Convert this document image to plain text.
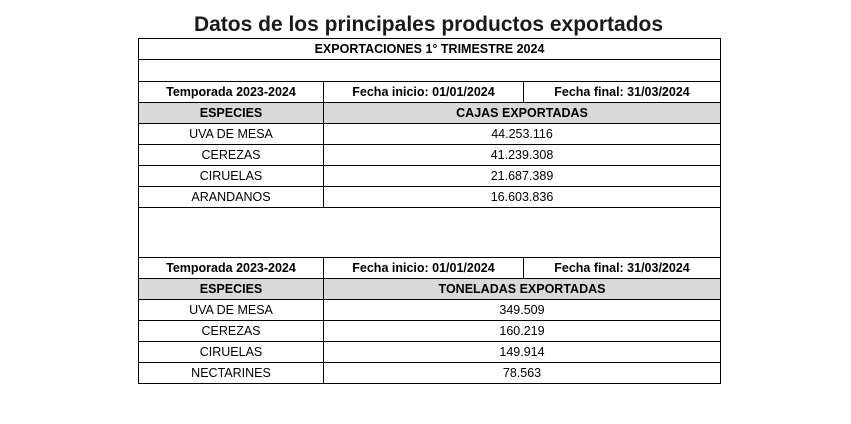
Datos de los principales productos exportados
EXPORTACIONES 1° TRIMESTRE 2024		

Temporada 2023-2024	Fecha inicio: 01/01/2024	Fecha final: 31/03/2024
ESPECIES	CAJAS EXPORTADAS	
UVA DE MESA	44.253.116	
CEREZAS	41.239.308	
CIRUELAS	21.687.389	
ARANDANOS	16.603.836	

Temporada 2023-2024	Fecha inicio: 01/01/2024	Fecha final: 31/03/2024
ESPECIES	TONELADAS EXPORTADAS	
UVA DE MESA	349.509	
CEREZAS	160.219	
CIRUELAS	149.914	
NECTARINES	78.563	
